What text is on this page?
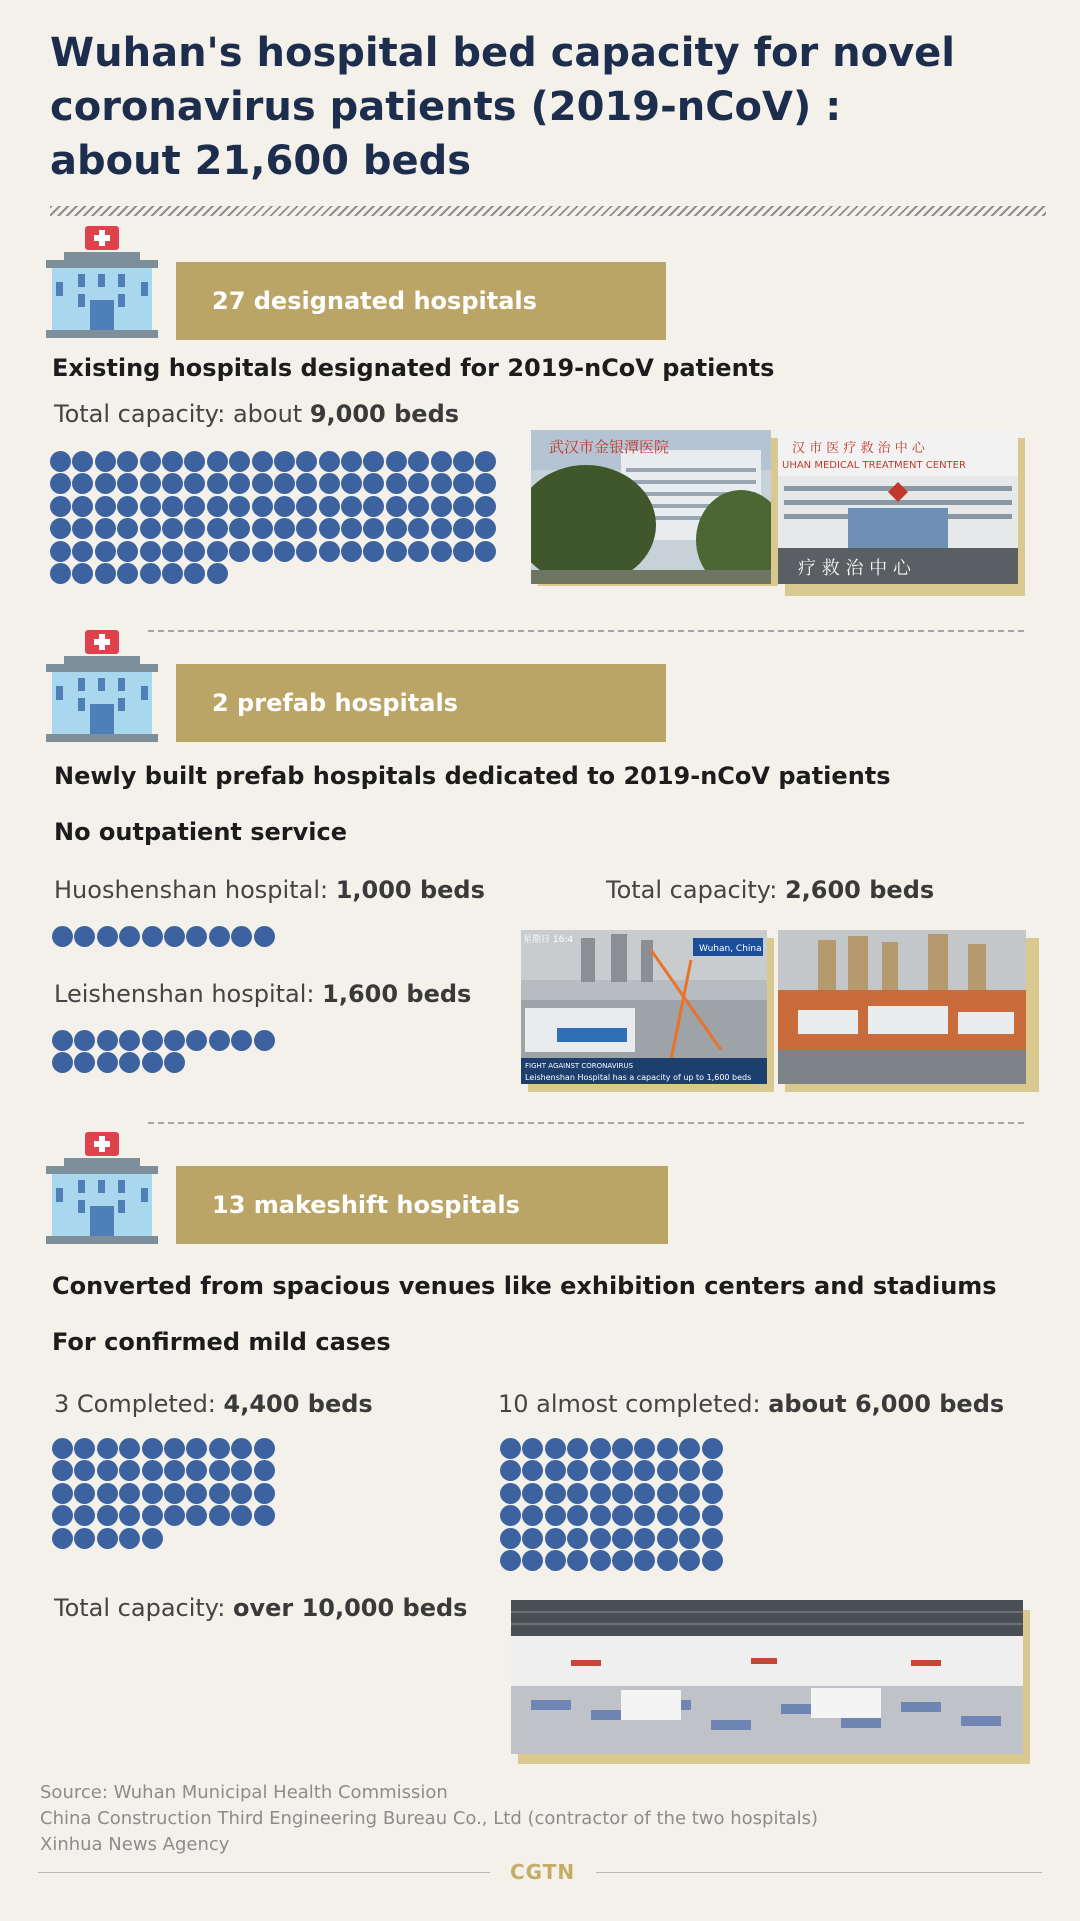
Wuhan's hospital bed capacity for novel
coronavirus patients (2019-nCoV) :
about 21,600 beds
27 designated hospitals
Existing hospitals designated for 2019-nCoV patients
Total capacity: about 9,000 beds
武汉市金银潭医院	汉 市 医 疗 救 治 中 心
UHAN MEDICAL TREATMENT CENTER
疗 救 治 中 心
2 prefab hospitals
Newly built prefab hospitals dedicated to 2019-nCoV patients
No outpatient service
Huoshenshan hospital: 1,000 beds	Total capacity: 2,600 beds
Leishenshan hospital: 1,600 beds
Wuhan, China
星期日 16:4
FIGHT AGAINST CORONAVIRUS
Leishenshan Hospital has a capacity of up to 1,600 beds
13 makeshift hospitals
Converted from spacious venues like exhibition centers and stadiums
For confirmed mild cases
3 Completed: 4,400 beds	10 almost completed: about 6,000 beds
Total capacity: over 10,000 beds
Source: Wuhan Municipal Health Commission
China Construction Third Engineering Bureau Co., Ltd (contractor of the two hospitals)
Xinhua News Agency
CGTN
